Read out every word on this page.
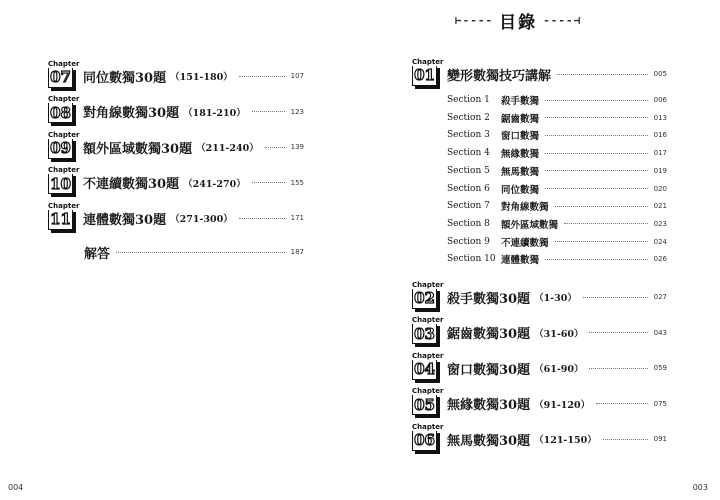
07
Chapter
同位數獨30題 （151-180）	107
08
Chapter
對角線數獨30題 （181-210）	123
09
Chapter
額外區域數獨30題 （211-240）	139
10
Chapter
不連續數獨30題 （241-270）	155
11
Chapter
連體數獨30題 （271-300）	171
解答	187
004
⊢---- 目錄 ----⊣
01
Chapter
變形數獨技巧講解	005
Section 1	殺手數獨	006
Section 2	鋸齒數獨	013
Section 3	窗口數獨	016
Section 4	無緣數獨	017
Section 5	無馬數獨	019
Section 6	同位數獨	020
Section 7	對角線數獨	021
Section 8	額外區域數獨	023
Section 9	不連續數獨	024
Section 10 連體數獨	026
02
Chapter
殺手數獨30題 （1-30）	027
03
Chapter
鋸齒數獨30題 （31-60）	043
04
Chapter
窗口數獨30題 （61-90）	059
05
Chapter
無緣數獨30題 （91-120）	075
06
Chapter
無馬數獨30題 （121-150）	091
003
